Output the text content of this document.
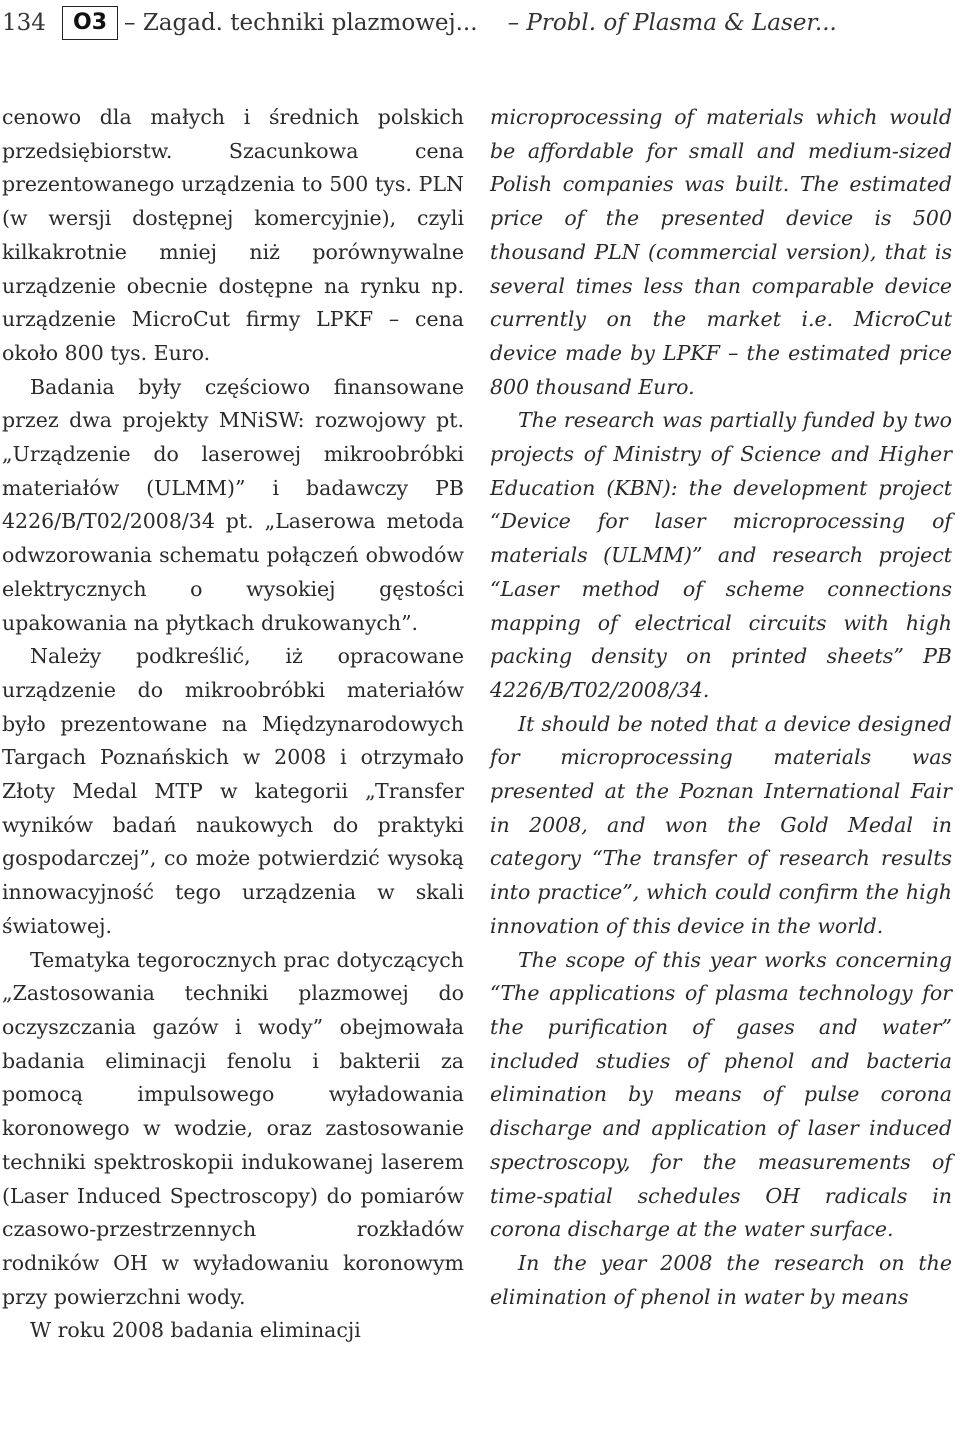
134	O3 – Zagad. techniki plazmowej... – Probl. of Plasma & Laser...

cenowo dla małych i średnich polskich przedsiębiorstw. Szacunkowa cena prezentowanego urządzenia to 500 tys. PLN (w wersji dostępnej komercyjnie), czyli kilkakrotnie mniej niż porównywalne urządzenie obecnie dostępne na rynku np. urządzenie MicroCut firmy LPKF – cena około 800 tys. Euro.

Badania były częściowo finansowane przez dwa projekty MNiSW: rozwojowy pt. „Urządzenie do laserowej mikroobróbki materiałów (ULMM)” i badawczy PB 4226/B/T02/2008/34 pt. „Laserowa metoda odwzorowania schematu połączeń obwodów elektrycznych o wysokiej gęstości upakowania na płytkach drukowanych”.

Należy podkreślić, iż opracowane urządzenie do mikroobróbki materiałów było prezentowane na Międzynarodowych Targach Poznańskich w 2008 i otrzymało Złoty Medal MTP w kategorii „Transfer wyników badań naukowych do praktyki gospodarczej”, co może potwierdzić wysoką innowacyjność tego urządzenia w skali światowej.

Tematyka tegorocznych prac dotyczących „Zastosowania techniki plazmowej do oczyszczania gazów i wody” obejmowała badania eliminacji fenolu i bakterii za pomocą impulsowego wyładowania koronowego w wodzie, oraz zastosowanie techniki spektroskopii indukowanej laserem (Laser Induced Spectroscopy) do pomiarów czasowo-przestrzennych rozkładów rodników OH w wyładowaniu koronowym przy powierzchni wody.

W roku 2008 badania eliminacji

microprocessing of materials which would be affordable for small and medium-sized Polish companies was built. The estimated price of the presented device is 500 thousand PLN (commercial version), that is several times less than comparable device currently on the market i.e. MicroCut device made by LPKF – the estimated price 800 thousand Euro.

The research was partially funded by two projects of Ministry of Science and Higher Education (KBN): the development project “Device for laser microprocessing of materials (ULMM)” and research project “Laser method of scheme connections mapping of electrical circuits with high packing density on printed sheets” PB 4226/B/T02/2008/34.

It should be noted that a device designed for microprocessing materials was presented at the Poznan International Fair in 2008, and won the Gold Medal in category “The transfer of research results into practice”, which could confirm the high innovation of this device in the world.

The scope of this year works concerning “The applications of plasma technology for the purification of gases and water” included studies of phenol and bacteria elimination by means of pulse corona discharge and application of laser induced spectroscopy, for the measurements of time-spatial schedules OH radicals in corona discharge at the water surface.

In the year 2008 the research on the elimination of phenol in water by means
